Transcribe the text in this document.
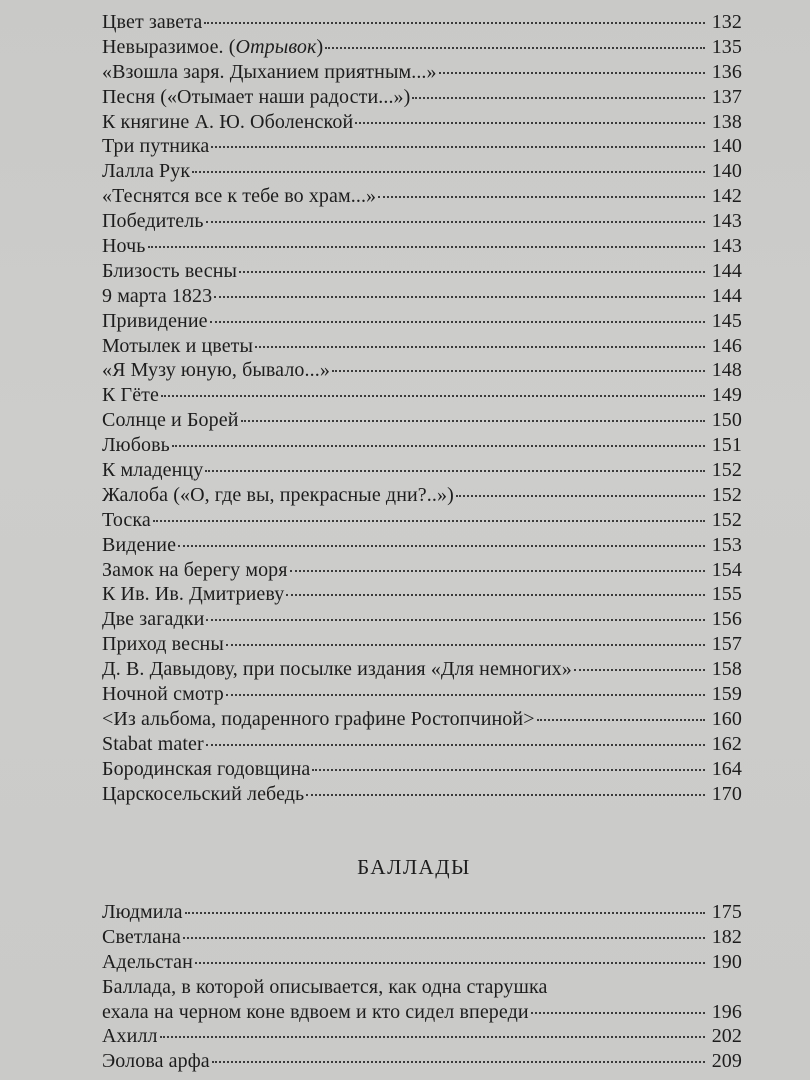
Цвет завета	132
Невыразимое. (Отрывок)	135
«Взошла заря. Дыханием приятным...»	136
Песня («Отымает наши радости...»)	137
К княгине А. Ю. Оболенской	138
Три путника	140
Лалла Рук	140
«Теснятся все к тебе во храм...»	142
Победитель	143
Ночь	143
Близость весны	144
9 марта 1823	144
Привидение	145
Мотылек и цветы	146
«Я Музу юную, бывало...»	148
К Гёте	149
Солнце и Борей	150
Любовь	151
К младенцу	152
Жалоба («О, где вы, прекрасные дни?..»)	152
Тоска	152
Видение	153
Замок на берегу моря	154
К Ив. Ив. Дмитриеву	155
Две загадки	156
Приход весны	157
Д. В. Давыдову, при посылке издания «Для немногих»	158
Ночной смотр	159
<Из альбома, подаренного графине Ростопчиной>	160
Stabat mater	162
Бородинская годовщина	164
Царскосельский лебедь	170
БАЛЛАДЫ
Людмила	175
Светлана	182
Адельстан	190
Баллада, в которой описывается, как одна старушка
ехала на черном коне вдвоем и кто сидел впереди	196
Ахилл	202
Эолова арфа	209
